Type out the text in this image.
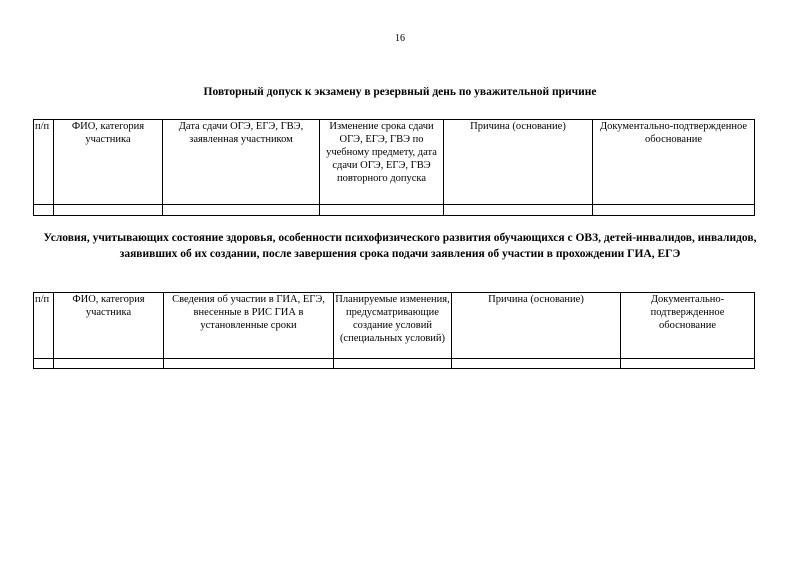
16
Повторный допуск к экзамену в резервный день по уважительной причине
п/п	ФИО, категория участника	Дата сдачи ОГЭ, ЕГЭ, ГВЭ, заявленная участником	Изменение срока сдачи ОГЭ, ЕГЭ, ГВЭ по учебному предмету, дата сдачи ОГЭ, ЕГЭ, ГВЭ повторного допуска	Причина (основание)	Документально-подтвержденное обоснование

Условия, учитывающих состояние здоровья, особенности психофизического развития обучающихся с ОВЗ, детей-инвалидов, инвалидов, заявивших об их создании, после завершения срока подачи заявления об участии в прохождении ГИА, ЕГЭ
п/п	ФИО, категория участника	Сведения об участии в ГИА, ЕГЭ, внесенные в РИС ГИА в установленные сроки	Планируемые изменения, предусматривающие создание условий (специальных условий)	Причина (основание)	Документально-подтвержденное обоснование
